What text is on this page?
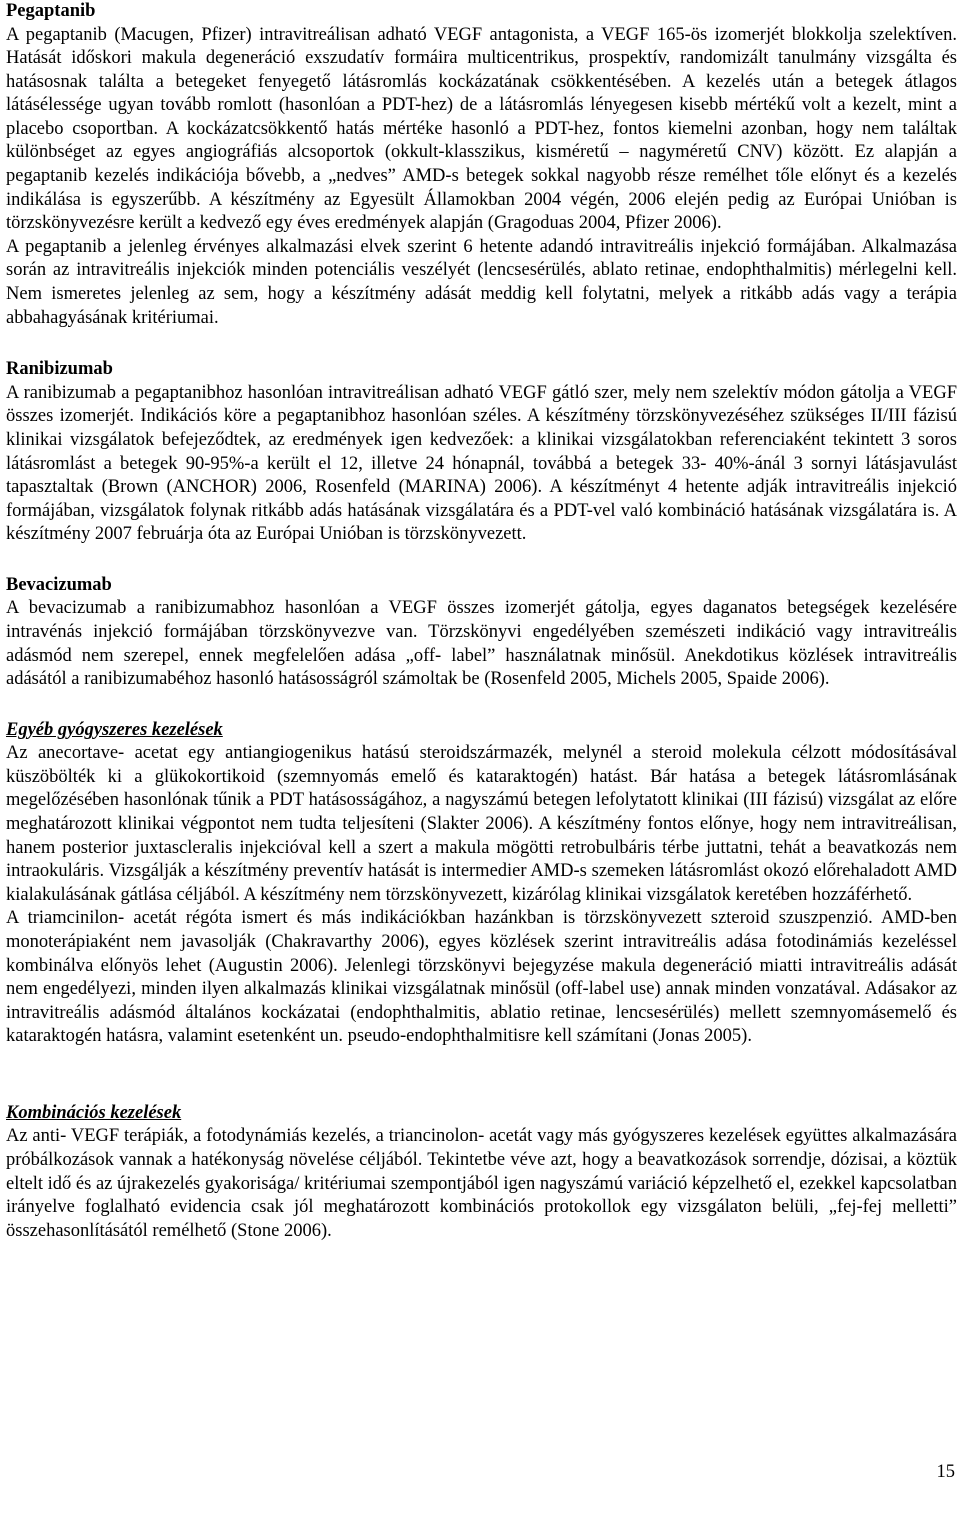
Pegaptanib

A pegaptanib (Macugen, Pfizer) intravitreálisan adható VEGF antagonista, a VEGF 165-ös izomerjét blokkolja szelektíven. Hatását időskori makula degeneráció exszudatív formáira multicentrikus, prospektív, randomizált tanulmány vizsgálta és hatásosnak találta a betegeket fenyegető látásromlás kockázatának csökkentésében. A kezelés után a betegek átlagos látásélessége ugyan tovább romlott (hasonlóan a PDT-hez) de a látásromlás lényegesen kisebb mértékű volt a kezelt, mint a placebo csoportban. A kockázatcsökkentő hatás mértéke hasonló a PDT-hez, fontos kiemelni azonban, hogy nem találtak különbséget az egyes angiográfiás alcsoportok (okkult-klasszikus, kisméretű – nagyméretű CNV) között. Ez alapján a pegaptanib kezelés indikációja bővebb, a „nedves” AMD-s betegek sokkal nagyobb része remélhet tőle előnyt és a kezelés indikálása is egyszerűbb. A készítmény az Egyesült Államokban 2004 végén, 2006 elején pedig az Európai Unióban is törzskönyvezésre került a kedvező egy éves eredmények alapján (Gragoduas 2004, Pfizer 2006).

A pegaptanib a jelenleg érvényes alkalmazási elvek szerint 6 hetente adandó intravitreális injekció formájában. Alkalmazása során az intravitreális injekciók minden potenciális veszélyét (lencsesérülés, ablato retinae, endophthalmitis) mérlegelni kell. Nem ismeretes jelenleg az sem, hogy a készítmény adását meddig kell folytatni, melyek a ritkább adás vagy a terápia abbahagyásának kritériumai.

Ranibizumab

A ranibizumab a pegaptanibhoz hasonlóan intravitreálisan adható VEGF gátló szer, mely nem szelektív módon gátolja a VEGF összes izomerjét. Indikációs köre a pegaptanibhoz hasonlóan széles. A készítmény törzskönyvezéséhez szükséges II/III fázisú klinikai vizsgálatok befejeződtek, az eredmények igen kedvezőek: a klinikai vizsgálatokban referenciaként tekintett 3 soros látásromlást a betegek 90-95%-a került el 12, illetve 24 hónapnál, továbbá a betegek 33- 40%-ánál 3 sornyi látásjavulást tapasztaltak (Brown (ANCHOR) 2006, Rosenfeld (MARINA) 2006). A készítményt 4 hetente adják intravitreális injekció formájában, vizsgálatok folynak ritkább adás hatásának vizsgálatára és a PDT-vel való kombináció hatásának vizsgálatára is. A készítmény 2007 februárja óta az Európai Unióban is törzskönyvezett.

Bevacizumab

A bevacizumab a ranibizumabhoz hasonlóan a VEGF összes izomerjét gátolja, egyes daganatos betegségek kezelésére intravénás injekció formájában törzskönyvezve van. Törzskönyvi engedélyében szemészeti indikáció vagy intravitreális adásmód nem szerepel, ennek megfelelően adása „off- label” használatnak minősül. Anekdotikus közlések intravitreális adásától a ranibizumabéhoz hasonló hatásosságról számoltak be (Rosenfeld 2005, Michels 2005, Spaide 2006).

Egyéb gyógyszeres kezelések

Az anecortave- acetat egy antiangiogenikus hatású steroidszármazék, melynél a steroid molekula célzott módosításával küszöbölték ki a glükokortikoid (szemnyomás emelő és kataraktogén) hatást. Bár hatása a betegek látásromlásának megelőzésében hasonlónak tűnik a PDT hatásosságához, a nagyszámú betegen lefolytatott klinikai (III fázisú) vizsgálat az előre meghatározott klinikai végpontot nem tudta teljesíteni (Slakter 2006). A készítmény fontos előnye, hogy nem intravitreálisan, hanem posterior juxtascleralis injekcióval kell a szert a makula mögötti retrobulbáris térbe juttatni, tehát a beavatkozás nem intraokuláris. Vizsgálják a készítmény preventív hatását is intermedier AMD-s szemeken látásromlást okozó előrehaladott AMD kialakulásának gátlása céljából. A készítmény nem törzskönyvezett, kizárólag klinikai vizsgálatok keretében hozzáférhető.

A triamcinilon- acetát régóta ismert és más indikációkban hazánkban is törzskönyvezett szteroid szuszpenzió. AMD-ben monoterápiaként nem javasolják (Chakravarthy 2006), egyes közlések szerint intravitreális adása fotodinámiás kezeléssel kombinálva előnyös lehet (Augustin 2006). Jelenlegi törzskönyvi bejegyzése makula degeneráció miatti intravitreális adását nem engedélyezi, minden ilyen alkalmazás klinikai vizsgálatnak minősül (off-label use) annak minden vonzatával. Adásakor az intravitreális adásmód általános kockázatai (endophthalmitis, ablatio retinae, lencsesérülés) mellett szemnyomásemelő és kataraktogén hatásra, valamint esetenként un. pseudo-endophthalmitisre kell számítani (Jonas 2005).

Kombinációs kezelések

Az anti- VEGF terápiák, a fotodynámiás kezelés, a triancinolon- acetát vagy más gyógyszeres kezelések együttes alkalmazására próbálkozások vannak a hatékonyság növelése céljából. Tekintetbe véve azt, hogy a beavatkozások sorrendje, dózisai, a köztük eltelt idő és az újrakezelés gyakorisága/ kritériumai szempontjából igen nagyszámú variáció képzelhető el, ezekkel kapcsolatban irányelve foglalható evidencia csak jól meghatározott kombinációs protokollok egy vizsgálaton belüli, „fej-fej melletti” összehasonlításától remélhető (Stone 2006).

15
